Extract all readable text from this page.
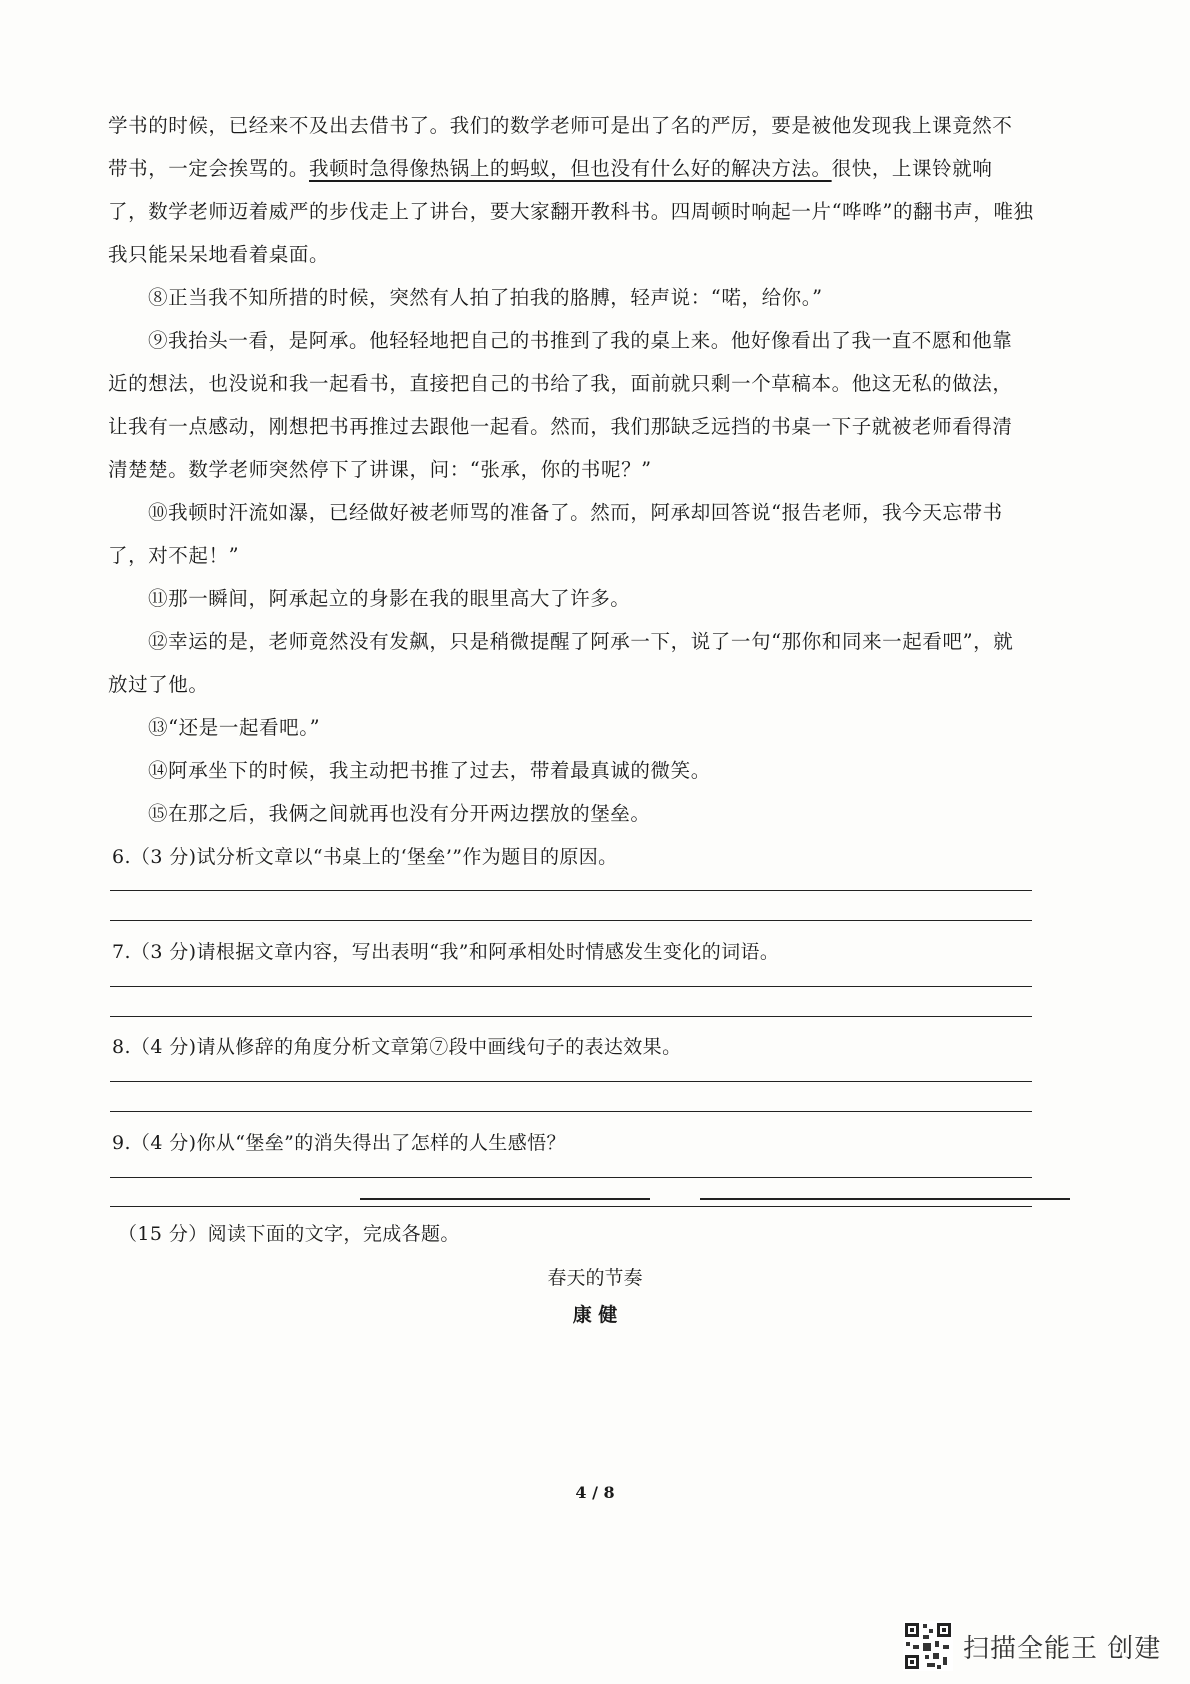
学书的时候，已经来不及出去借书了。我们的数学老师可是出了名的严厉，要是被他发现我上课竟然不
带书，一定会挨骂的。我顿时急得像热锅上的蚂蚁，但也没有什么好的解决方法。很快，上课铃就响
了，数学老师迈着威严的步伐走上了讲台，要大家翻开教科书。四周顿时响起一片“哗哗”的翻书声，唯独
我只能呆呆地看着桌面。
⑧正当我不知所措的时候，突然有人拍了拍我的胳膊，轻声说：“喏，给你。”
⑨我抬头一看，是阿承。他轻轻地把自己的书推到了我的桌上来。他好像看出了我一直不愿和他靠
近的想法，也没说和我一起看书，直接把自己的书给了我，面前就只剩一个草稿本。他这无私的做法，
让我有一点感动，刚想把书再推过去跟他一起看。然而，我们那缺乏远挡的书桌一下子就被老师看得清
清楚楚。数学老师突然停下了讲课，问：“张承，你的书呢？”
⑩我顿时汗流如瀑，已经做好被老师骂的准备了。然而，阿承却回答说“报告老师，我今天忘带书
了，对不起！”
⑪那一瞬间，阿承起立的身影在我的眼里高大了许多。
⑫幸运的是，老师竟然没有发飙，只是稍微提醒了阿承一下，说了一句“那你和同来一起看吧”，就
放过了他。
⑬“还是一起看吧。”
⑭阿承坐下的时候，我主动把书推了过去，带着最真诚的微笑。
⑮在那之后，我俩之间就再也没有分开两边摆放的堡垒。
6.（3 分)试分析文章以“书桌上的‘堡垒’”作为题目的原因。
7.（3 分)请根据文章内容，写出表明“我”和阿承相处时情感发生变化的词语。
8.（4 分)请从修辞的角度分析文章第⑦段中画线句子的表达效果。
9.（4 分)你从“堡垒”的消失得出了怎样的人生感悟？
（15 分）阅读下面的文字，完成各题。
春天的节奏
康 健
4 / 8
扫描全能王 创建
